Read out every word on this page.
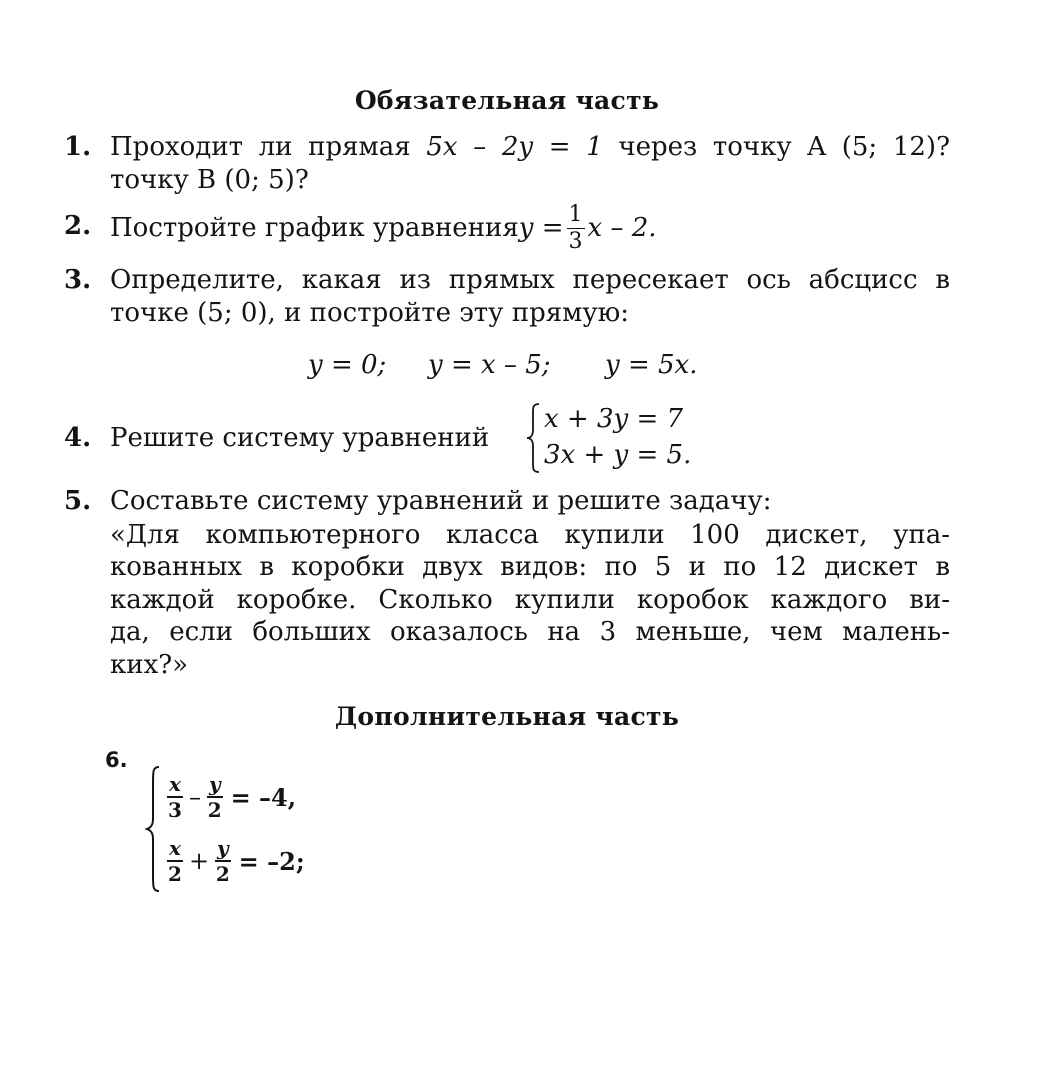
Обязательная часть
1. Проходит ли прямая 5x – 2y = 1 через точку A (5; 12)?
точку B (0; 5)?
2. Постройте график уравнения $y = \frac{1}{3}$ x – 2.
3. Определите, какая из прямых пересекает ось абсцисс в
точке (5; 0), и постройте эту прямую:
y = 0; y = x – 5; y = 5x.
4. Решите систему уравнений
x + 3y = 7
3x + y = 5.
5. Составьте систему уравнений и решите задачу:
«Для компьютерного класса купили 100 дискет, упа-
кованных в коробки двух видов: по 5 и по 12 дискет в
каждой коробке. Сколько купили коробок каждого ви-
да, если больших оказалось на 3 меньше, чем малень-
ких?»
Дополнительная часть
6.
$\frac{x}{3} - \frac{y}{2} = -4$,
$\frac{x}{2} + \frac{y}{2} = -2$;
